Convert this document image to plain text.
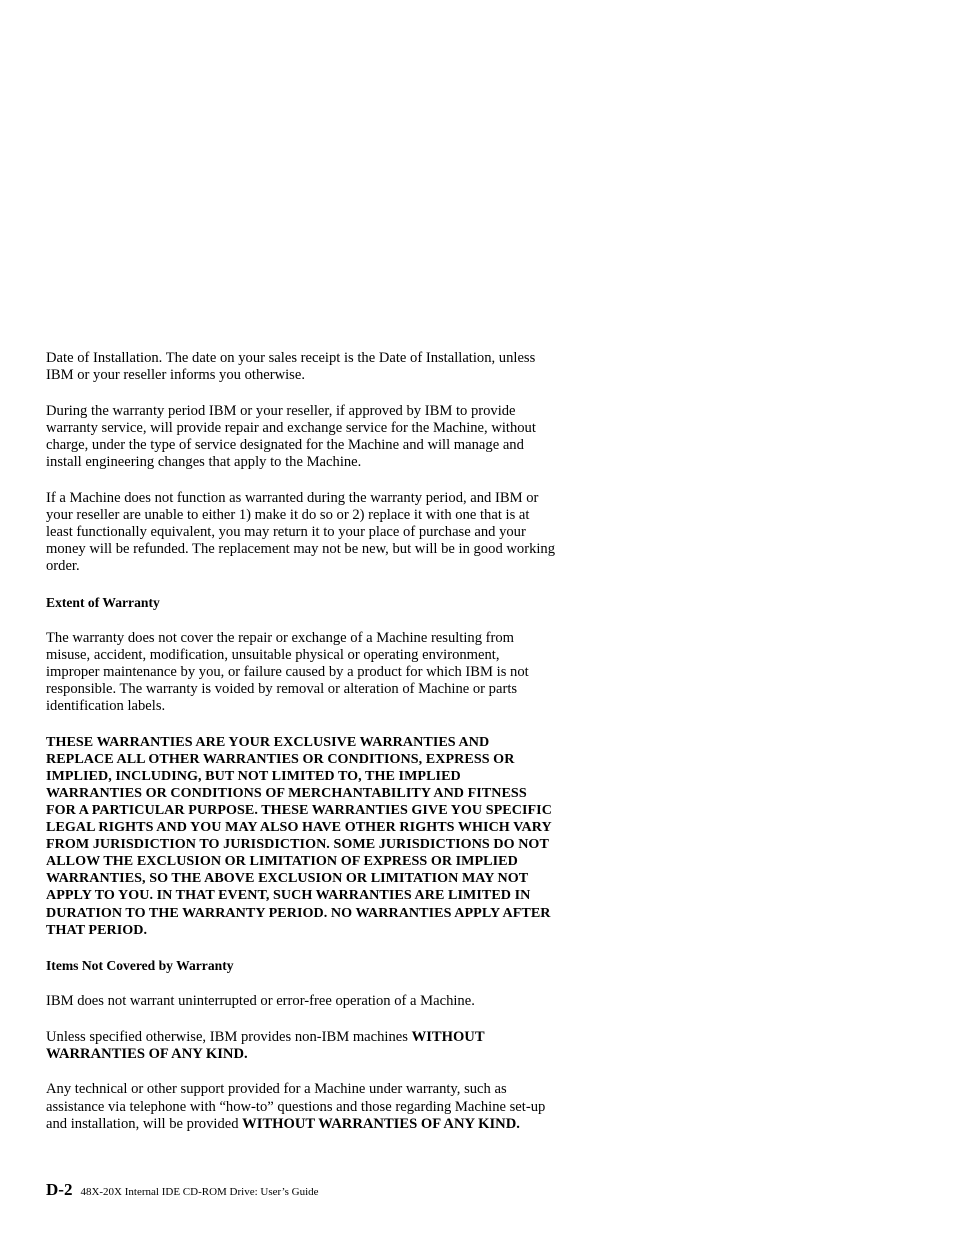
Date of Installation. The date on your sales receipt is the Date of Installation, unless IBM or your reseller informs you otherwise.

During the warranty period IBM or your reseller, if approved by IBM to provide warranty service, will provide repair and exchange service for the Machine, without charge, under the type of service designated for the Machine and will manage and install engineering changes that apply to the Machine.

If a Machine does not function as warranted during the warranty period, and IBM or your reseller are unable to either 1) make it do so or 2) replace it with one that is at least functionally equivalent, you may return it to your place of purchase and your money will be refunded. The replacement may not be new, but will be in good working order.

Extent of Warranty

The warranty does not cover the repair or exchange of a Machine resulting from misuse, accident, modification, unsuitable physical or operating environment, improper maintenance by you, or failure caused by a product for which IBM is not responsible. The warranty is voided by removal or alteration of Machine or parts identification labels.

THESE WARRANTIES ARE YOUR EXCLUSIVE WARRANTIES AND REPLACE ALL OTHER WARRANTIES OR CONDITIONS, EXPRESS OR IMPLIED, INCLUDING, BUT NOT LIMITED TO, THE IMPLIED WARRANTIES OR CONDITIONS OF MERCHANTABILITY AND FITNESS FOR A PARTICULAR PURPOSE. THESE WARRANTIES GIVE YOU SPECIFIC LEGAL RIGHTS AND YOU MAY ALSO HAVE OTHER RIGHTS WHICH VARY FROM JURISDICTION TO JURISDICTION. SOME JURISDICTIONS DO NOT ALLOW THE EXCLUSION OR LIMITATION OF EXPRESS OR IMPLIED WARRANTIES, SO THE ABOVE EXCLUSION OR LIMITATION MAY NOT APPLY TO YOU. IN THAT EVENT, SUCH WARRANTIES ARE LIMITED IN DURATION TO THE WARRANTY PERIOD. NO WARRANTIES APPLY AFTER THAT PERIOD.

Items Not Covered by Warranty

IBM does not warrant uninterrupted or error-free operation of a Machine.

Unless specified otherwise, IBM provides non-IBM machines WITHOUT WARRANTIES OF ANY KIND.

Any technical or other support provided for a Machine under warranty, such as assistance via telephone with “how-to” questions and those regarding Machine set-up and installation, will be provided WITHOUT WARRANTIES OF ANY KIND.

D-2 48X-20X Internal IDE CD-ROM Drive: User’s Guide
